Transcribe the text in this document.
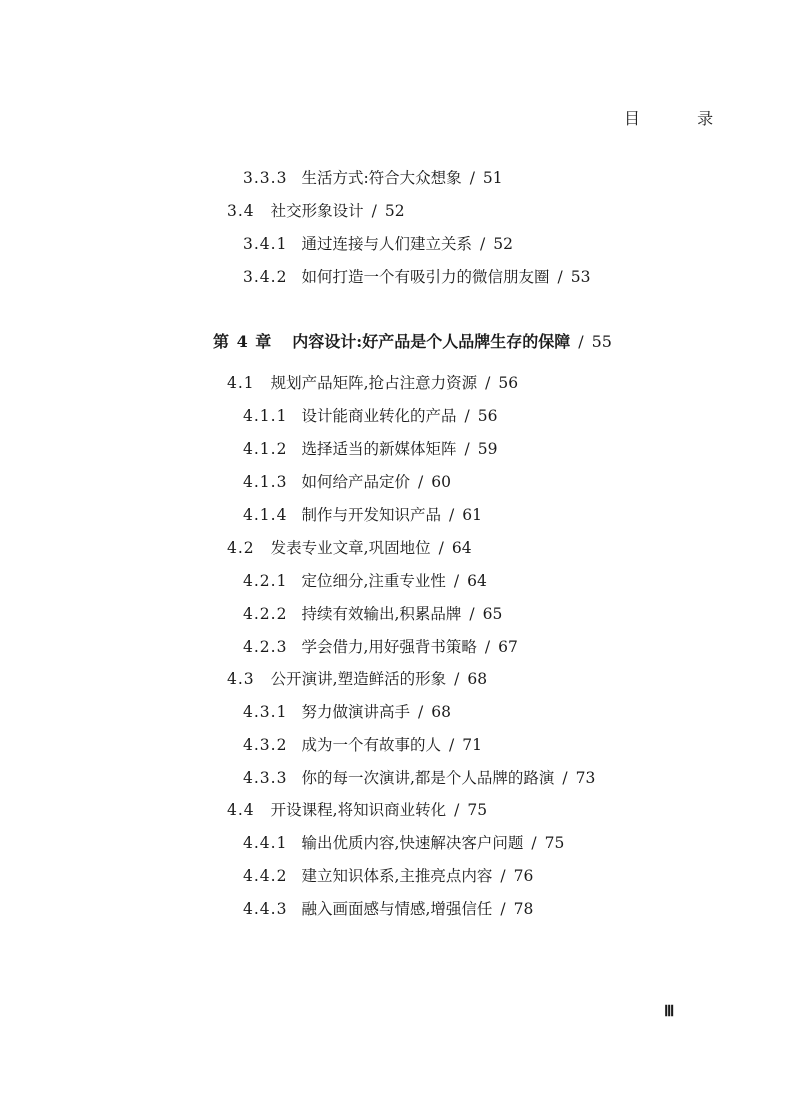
目 录
3.3.3 生活方式:符合大众想象 / 51
3.4 社交形象设计 / 52
3.4.1 通过连接与人们建立关系 / 52
3.4.2 如何打造一个有吸引力的微信朋友圈 / 53
第 4 章 内容设计:好产品是个人品牌生存的保障 / 55
4.1 规划产品矩阵,抢占注意力资源 / 56
4.1.1 设计能商业转化的产品 / 56
4.1.2 选择适当的新媒体矩阵 / 59
4.1.3 如何给产品定价 / 60
4.1.4 制作与开发知识产品 / 61
4.2 发表专业文章,巩固地位 / 64
4.2.1 定位细分,注重专业性 / 64
4.2.2 持续有效输出,积累品牌 / 65
4.2.3 学会借力,用好强背书策略 / 67
4.3 公开演讲,塑造鲜活的形象 / 68
4.3.1 努力做演讲高手 / 68
4.3.2 成为一个有故事的人 / 71
4.3.3 你的每一次演讲,都是个人品牌的路演 / 73
4.4 开设课程,将知识商业转化 / 75
4.4.1 输出优质内容,快速解决客户问题 / 75
4.4.2 建立知识体系,主推亮点内容 / 76
4.4.3 融入画面感与情感,增强信任 / 78
Ⅲ
